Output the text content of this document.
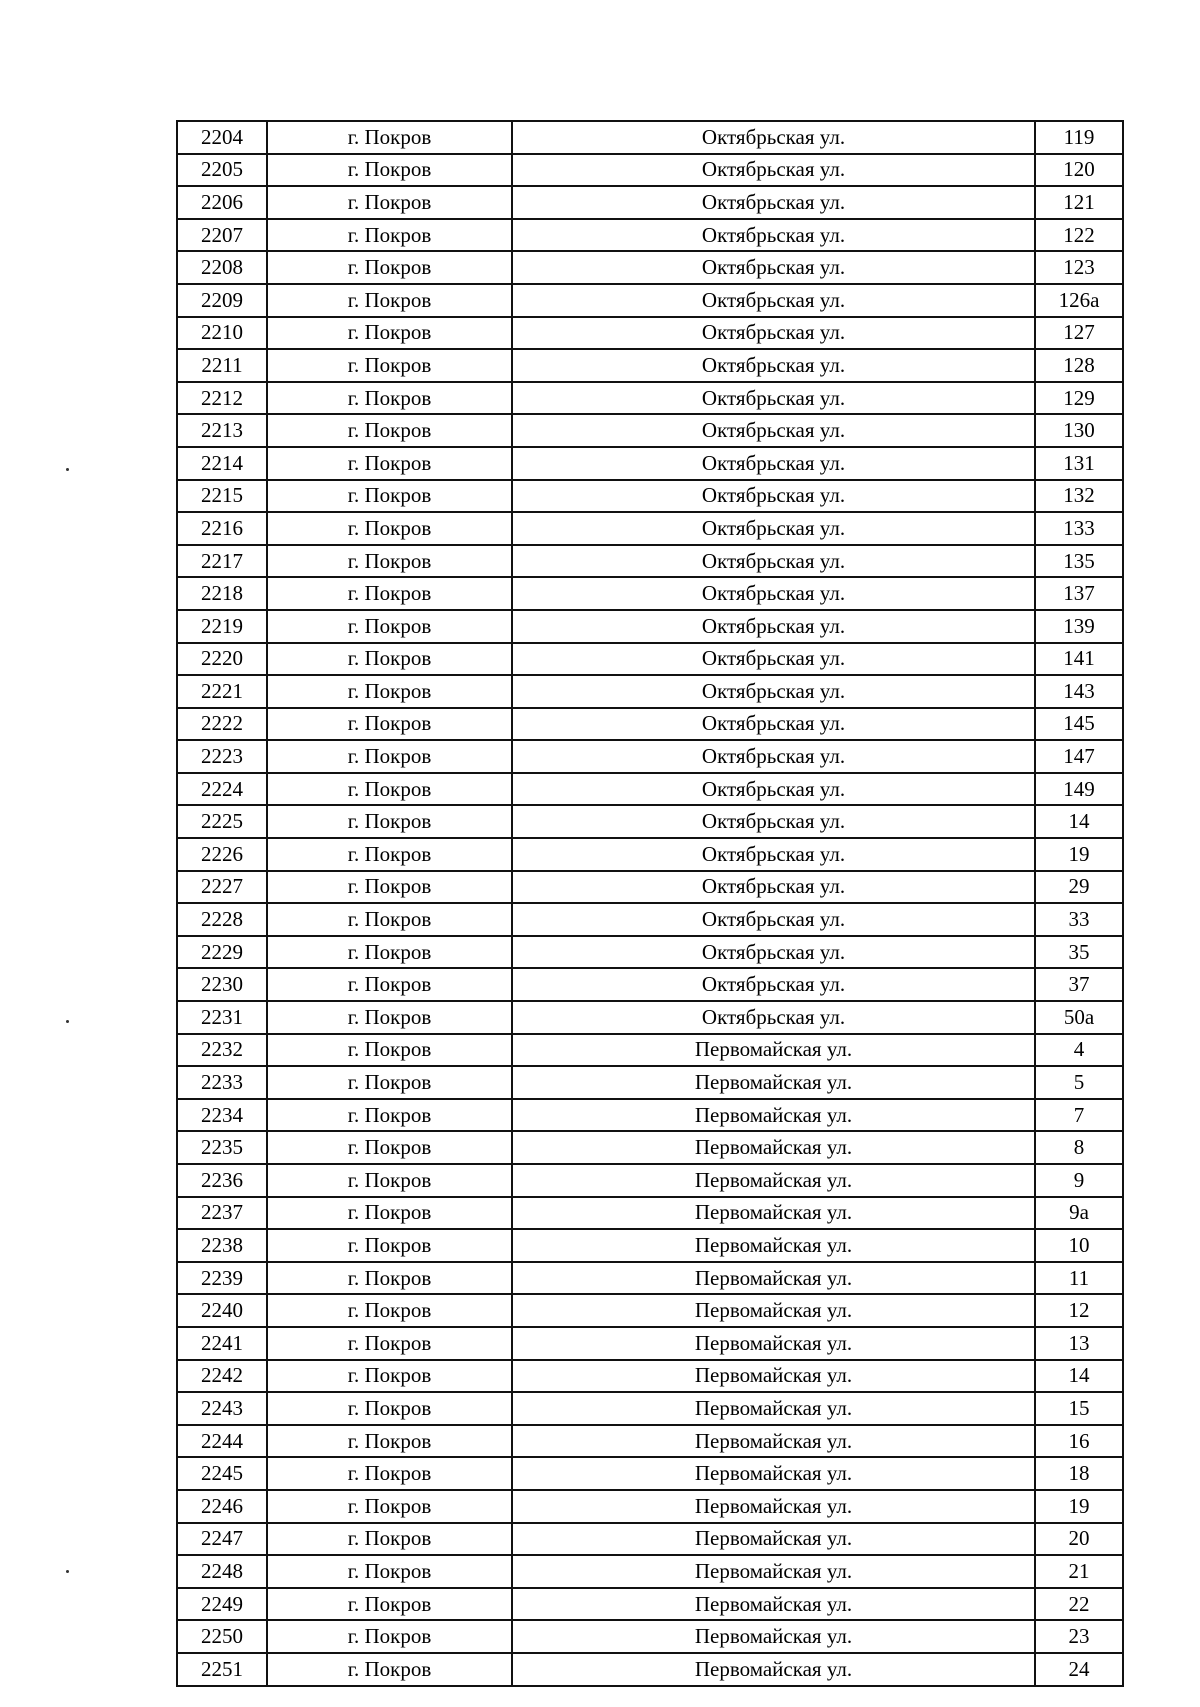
2204	г. Покров	Октябрьская ул.	119
2205	г. Покров	Октябрьская ул.	120
2206	г. Покров	Октябрьская ул.	121
2207	г. Покров	Октябрьская ул.	122
2208	г. Покров	Октябрьская ул.	123
2209	г. Покров	Октябрьская ул.	126а
2210	г. Покров	Октябрьская ул.	127
2211	г. Покров	Октябрьская ул.	128
2212	г. Покров	Октябрьская ул.	129
2213	г. Покров	Октябрьская ул.	130
2214	г. Покров	Октябрьская ул.	131
2215	г. Покров	Октябрьская ул.	132
2216	г. Покров	Октябрьская ул.	133
2217	г. Покров	Октябрьская ул.	135
2218	г. Покров	Октябрьская ул.	137
2219	г. Покров	Октябрьская ул.	139
2220	г. Покров	Октябрьская ул.	141
2221	г. Покров	Октябрьская ул.	143
2222	г. Покров	Октябрьская ул.	145
2223	г. Покров	Октябрьская ул.	147
2224	г. Покров	Октябрьская ул.	149
2225	г. Покров	Октябрьская ул.	14
2226	г. Покров	Октябрьская ул.	19
2227	г. Покров	Октябрьская ул.	29
2228	г. Покров	Октябрьская ул.	33
2229	г. Покров	Октябрьская ул.	35
2230	г. Покров	Октябрьская ул.	37
2231	г. Покров	Октябрьская ул.	50а
2232	г. Покров	Первомайская ул.	4
2233	г. Покров	Первомайская ул.	5
2234	г. Покров	Первомайская ул.	7
2235	г. Покров	Первомайская ул.	8
2236	г. Покров	Первомайская ул.	9
2237	г. Покров	Первомайская ул.	9а
2238	г. Покров	Первомайская ул.	10
2239	г. Покров	Первомайская ул.	11
2240	г. Покров	Первомайская ул.	12
2241	г. Покров	Первомайская ул.	13
2242	г. Покров	Первомайская ул.	14
2243	г. Покров	Первомайская ул.	15
2244	г. Покров	Первомайская ул.	16
2245	г. Покров	Первомайская ул.	18
2246	г. Покров	Первомайская ул.	19
2247	г. Покров	Первомайская ул.	20
2248	г. Покров	Первомайская ул.	21
2249	г. Покров	Первомайская ул.	22
2250	г. Покров	Первомайская ул.	23
2251	г. Покров	Первомайская ул.	24
